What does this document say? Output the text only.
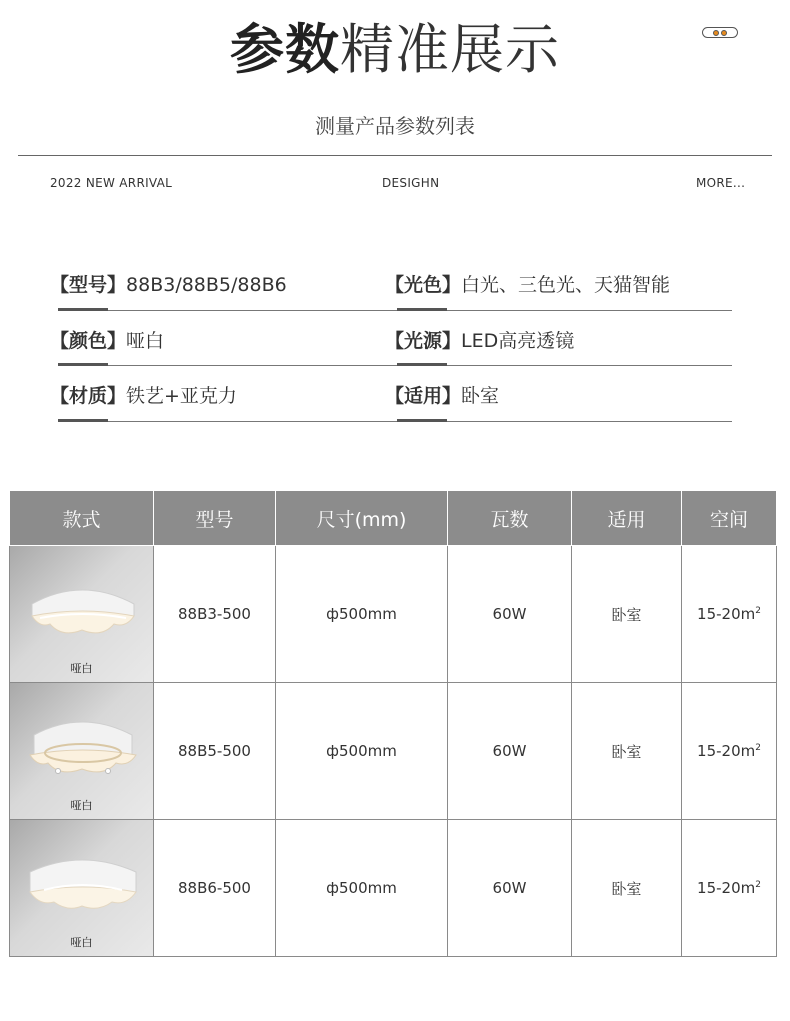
参数精准展示
测量产品参数列表
2022 NEW ARRIVAL	DESIGHN	MORE...
【型号】88B3/88B5/88B6	【光色】白光、三色光、天猫智能
【颜色】哑白	【光源】LED高亮透镜
【材质】铁艺+亚克力	【适用】卧室
款式	型号	尺寸(mm)	瓦数	适用	空间

哑白	88B3-500	ф500mm	60W	卧室	$15-20m^2$

哑白	88B5-500	ф500mm	60W	卧室	$15-20m^2$

哑白	88B6-500	ф500mm	60W	卧室	$15-20m^2$
